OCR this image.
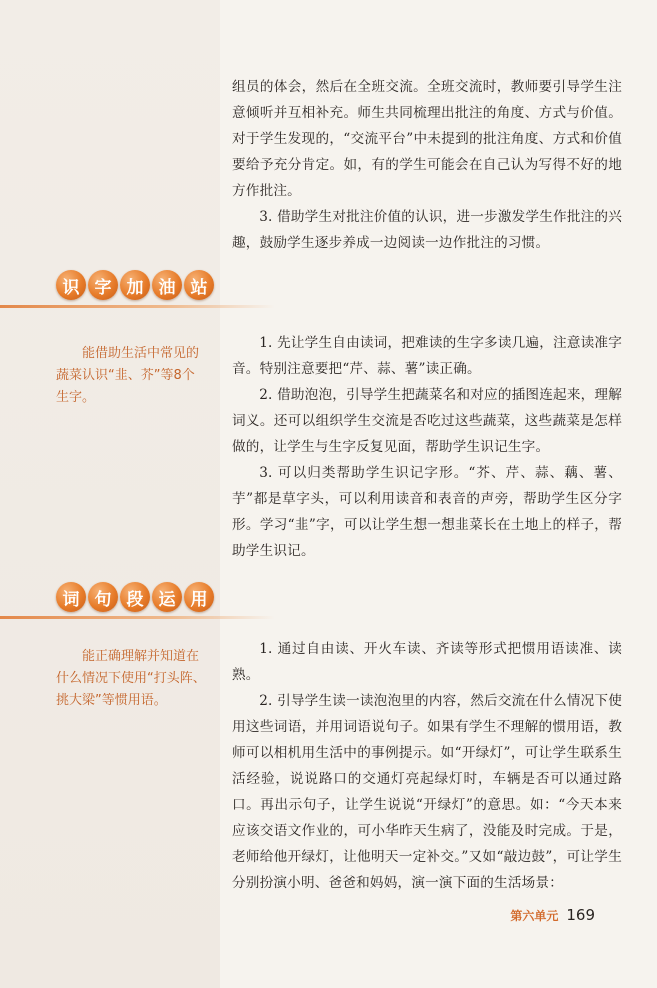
组员的体会，然后在全班交流。全班交流时，教师要引导学生注意倾听并互相补充。师生共同梳理出批注的角度、方式与价值。对于学生发现的，“交流平台”中未提到的批注角度、方式和价值要给予充分肯定。如，有的学生可能会在自己认为写得不好的地方作批注。

3. 借助学生对批注价值的认识，进一步激发学生作批注的兴趣，鼓励学生逐步养成一边阅读一边作批注的习惯。

识 字 加 油 站

能借助生活中常见的蔬菜认识“韭、芥”等8个生字。

1. 先让学生自由读词，把难读的生字多读几遍，注意读准字音。特别注意要把“芹、蒜、薯”读正确。

2. 借助泡泡，引导学生把蔬菜名和对应的插图连起来，理解词义。还可以组织学生交流是否吃过这些蔬菜，这些蔬菜是怎样做的，让学生与生字反复见面，帮助学生识记生字。

3. 可以归类帮助学生识记字形。“芥、芹、蒜、藕、薯、芋”都是草字头，可以利用读音和表音的声旁，帮助学生区分字形。学习“韭”字，可以让学生想一想韭菜长在土地上的样子，帮助学生识记。

词 句 段 运 用

能正确理解并知道在什么情况下使用“打头阵、挑大梁”等惯用语。

1. 通过自由读、开火车读、齐读等形式把惯用语读准、读熟。

2. 引导学生读一读泡泡里的内容，然后交流在什么情况下使用这些词语，并用词语说句子。如果有学生不理解的惯用语，教师可以相机用生活中的事例提示。如“开绿灯”，可让学生联系生活经验，说说路口的交通灯亮起绿灯时，车辆是否可以通过路口。再出示句子，让学生说说“开绿灯”的意思。如：“今天本来应该交语文作业的，可小华昨天生病了，没能及时完成。于是，老师给他开绿灯，让他明天一定补交。”又如“敲边鼓”，可让学生分别扮演小明、爸爸和妈妈，演一演下面的生活场景：

第六单元 169
